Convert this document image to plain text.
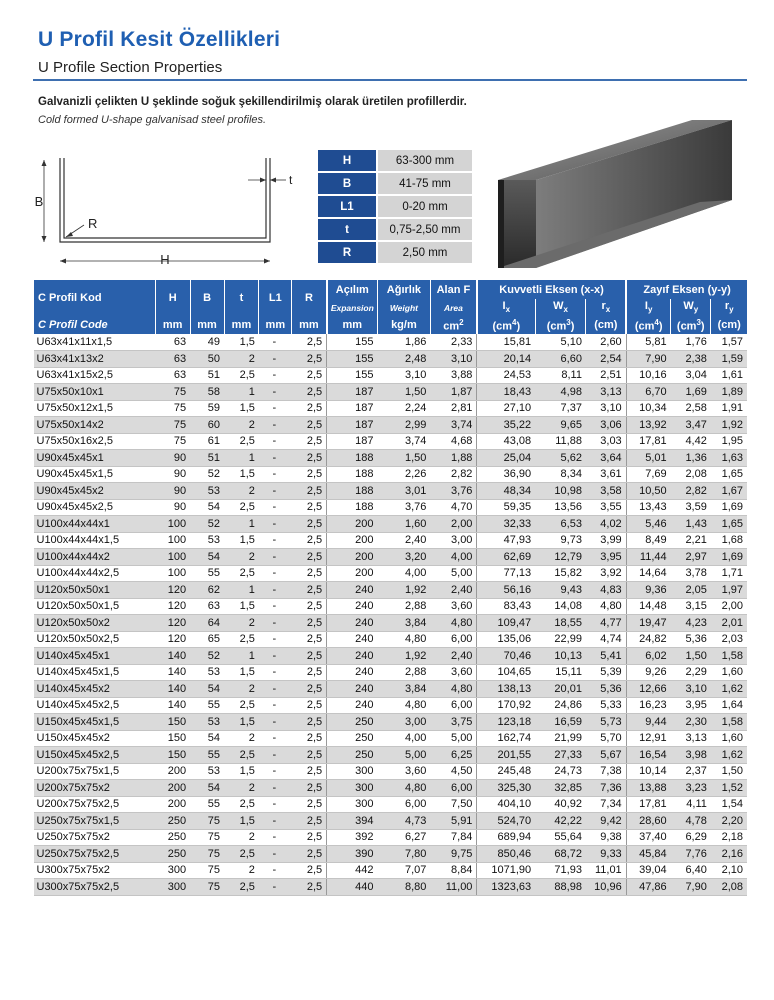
U Profil Kesit Özellikleri
U Profile Section Properties
Galvanizli çelikten U şeklinde soğuk şekillendirilmiş olarak üretilen profillerdir.
Cold formed U-shape galvanisad steel profiles.
B
R
t
H
H	63-300 mm
B	41-75 mm
L1	0-20 mm
t	0,75-2,50 mm
R	2,50 mm
C Profil Kod	H	B	t	L1	R	Açılım	Ağırlık	Alan F	Kuvvetli Eksen (x-x)			Zayıf Eksen (y-y)		
						Expansion	Weight	Area	$I_x$	$W_x$	$r_x$	$I_y$	$W_y$	$r_y$
C Profil Code	mm	mm	mm	mm	mm	mm	kg/m	$cm^2$	$(cm^4)$	$(cm^3)$	(cm)	$(cm^4)$	$(cm^3)$	(cm)
U63x41x11x1,5	63	49	1,5	-	2,5	155	1,86	2,33	15,81	5,10	2,60	5,81	1,76	1,57
U63x41x13x2	63	50	2	-	2,5	155	2,48	3,10	20,14	6,60	2,54	7,90	2,38	1,59
U63x41x15x2,5	63	51	2,5	-	2,5	155	3,10	3,88	24,53	8,11	2,51	10,16	3,04	1,61
U75x50x10x1	75	58	1	-	2,5	187	1,50	1,87	18,43	4,98	3,13	6,70	1,69	1,89
U75x50x12x1,5	75	59	1,5	-	2,5	187	2,24	2,81	27,10	7,37	3,10	10,34	2,58	1,91
U75x50x14x2	75	60	2	-	2,5	187	2,99	3,74	35,22	9,65	3,06	13,92	3,47	1,92
U75x50x16x2,5	75	61	2,5	-	2,5	187	3,74	4,68	43,08	11,88	3,03	17,81	4,42	1,95
U90x45x45x1	90	51	1	-	2,5	188	1,50	1,88	25,04	5,62	3,64	5,01	1,36	1,63
U90x45x45x1,5	90	52	1,5	-	2,5	188	2,26	2,82	36,90	8,34	3,61	7,69	2,08	1,65
U90x45x45x2	90	53	2	-	2,5	188	3,01	3,76	48,34	10,98	3,58	10,50	2,82	1,67
U90x45x45x2,5	90	54	2,5	-	2,5	188	3,76	4,70	59,35	13,56	3,55	13,43	3,59	1,69
U100x44x44x1	100	52	1	-	2,5	200	1,60	2,00	32,33	6,53	4,02	5,46	1,43	1,65
U100x44x44x1,5	100	53	1,5	-	2,5	200	2,40	3,00	47,93	9,73	3,99	8,49	2,21	1,68
U100x44x44x2	100	54	2	-	2,5	200	3,20	4,00	62,69	12,79	3,95	11,44	2,97	1,69
U100x44x44x2,5	100	55	2,5	-	2,5	200	4,00	5,00	77,13	15,82	3,92	14,64	3,78	1,71
U120x50x50x1	120	62	1	-	2,5	240	1,92	2,40	56,16	9,43	4,83	9,36	2,05	1,97
U120x50x50x1,5	120	63	1,5	-	2,5	240	2,88	3,60	83,43	14,08	4,80	14,48	3,15	2,00
U120x50x50x2	120	64	2	-	2,5	240	3,84	4,80	109,47	18,55	4,77	19,47	4,23	2,01
U120x50x50x2,5	120	65	2,5	-	2,5	240	4,80	6,00	135,06	22,99	4,74	24,82	5,36	2,03
U140x45x45x1	140	52	1	-	2,5	240	1,92	2,40	70,46	10,13	5,41	6,02	1,50	1,58
U140x45x45x1,5	140	53	1,5	-	2,5	240	2,88	3,60	104,65	15,11	5,39	9,26	2,29	1,60
U140x45x45x2	140	54	2	-	2,5	240	3,84	4,80	138,13	20,01	5,36	12,66	3,10	1,62
U140x45x45x2,5	140	55	2,5	-	2,5	240	4,80	6,00	170,92	24,86	5,33	16,23	3,95	1,64
U150x45x45x1,5	150	53	1,5	-	2,5	250	3,00	3,75	123,18	16,59	5,73	9,44	2,30	1,58
U150x45x45x2	150	54	2	-	2,5	250	4,00	5,00	162,74	21,99	5,70	12,91	3,13	1,60
U150x45x45x2,5	150	55	2,5	-	2,5	250	5,00	6,25	201,55	27,33	5,67	16,54	3,98	1,62
U200x75x75x1,5	200	53	1,5	-	2,5	300	3,60	4,50	245,48	24,73	7,38	10,14	2,37	1,50
U200x75x75x2	200	54	2	-	2,5	300	4,80	6,00	325,30	32,85	7,36	13,88	3,23	1,52
U200x75x75x2,5	200	55	2,5	-	2,5	300	6,00	7,50	404,10	40,92	7,34	17,81	4,11	1,54
U250x75x75x1,5	250	75	1,5	-	2,5	394	4,73	5,91	524,70	42,22	9,42	28,60	4,78	2,20
U250x75x75x2	250	75	2	-	2,5	392	6,27	7,84	689,94	55,64	9,38	37,40	6,29	2,18
U250x75x75x2,5	250	75	2,5	-	2,5	390	7,80	9,75	850,46	68,72	9,33	45,84	7,76	2,16
U300x75x75x2	300	75	2	-	2,5	442	7,07	8,84	1071,90	71,93	11,01	39,04	6,40	2,10
U300x75x75x2,5	300	75	2,5	-	2,5	440	8,80	11,00	1323,63	88,98	10,96	47,86	7,90	2,08
